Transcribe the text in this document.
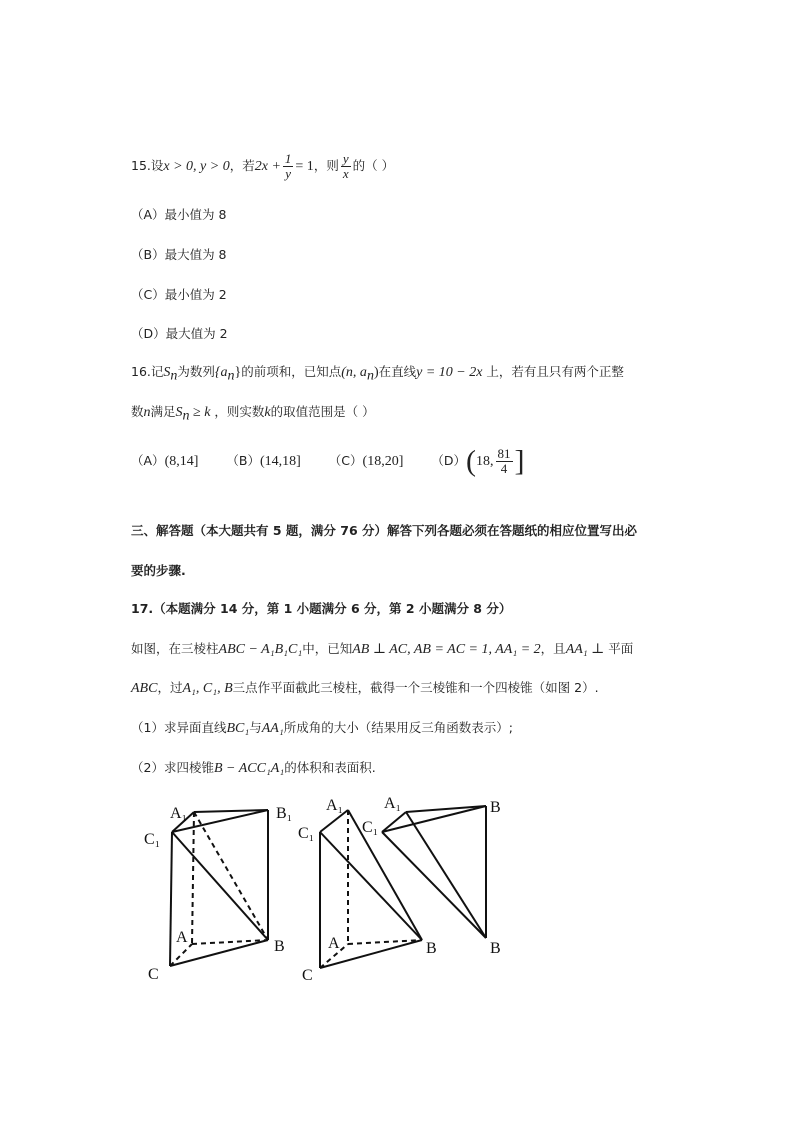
15.设x > 0, y > 0，若$2x + \frac{1}{y} = 1$，则 $\frac{y}{x}$ 的（ ）
（A）最小值为 8
（B）最大值为 8
（C）最小值为 2
（D）最大值为 2
16.记$S_n$为数列$\{a_n\}$的前项和，已知点(n, $a_n$)在直线y = 10 − 2x 上，若有且只有两个正整
数n满足$S_n \ge k$ ，则实数k的取值范围是（ ）
（A）(8,14] （B）(14,18] （C）(18,20] （D）(18, $\frac{81}{4}$ ]
三、解答题（本大题共有 5 题，满分 76 分）解答下列各题必须在答题纸的相应位置写出必
要的步骤.
17.（本题满分 14 分，第 1 小题满分 6 分，第 2 小题满分 8 分）
如图，在三棱柱ABC − A₁B₁C₁中，已知AB ⊥ AC, AB = AC = 1, AA₁ = 2，且AA₁ ⊥ 平面
ABC，过A₁, C₁, B三点作平面截此三棱柱，截得一个三棱锥和一个四棱锥（如图 2）.
（1）求异面直线BC₁与AA₁所成角的大小（结果用反三角函数表示）;
（2）求四棱锥B − ACC₁A₁的体积和表面积.
A₁	B₁
C₁
A
B
C
A₁
C₁
A	B
C
A₁
C₁
B
B
